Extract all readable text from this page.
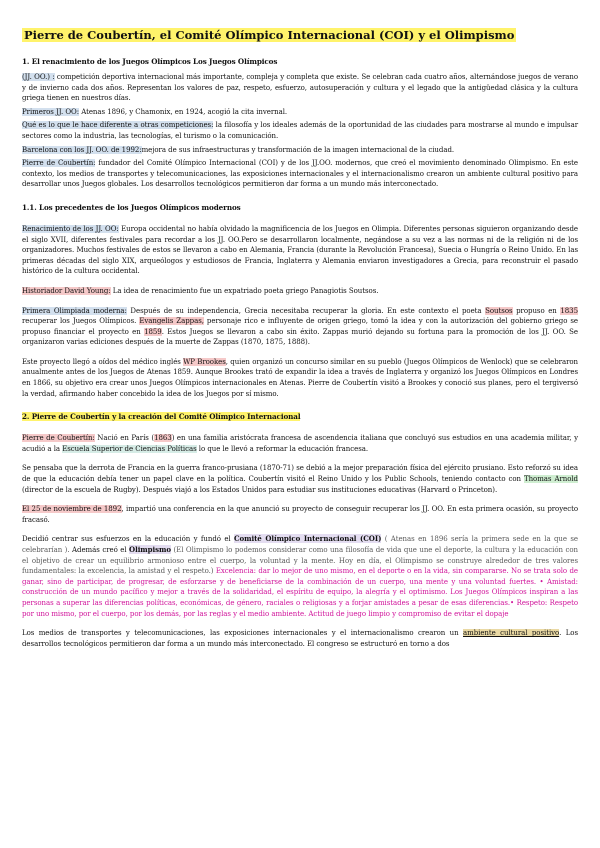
Pierre de Coubertín, el Comité Olímpico Internacional (COI) y el Olimpismo
1. El renacimiento de los Juegos Olímpicos Los Juegos Olímpicos

(JJ. OO.) : competición deportiva internacional más importante, compleja y completa que existe. Se celebran cada cuatro años, alternándose juegos de verano y de invierno cada dos años. Representan los valores de paz, respeto, esfuerzo, autosuperación y cultura y el legado que la antigüedad clásica y la cultura griega tienen en nuestros días.

Primeros JJ. OO: Atenas 1896, y Chamonix, en 1924, acogió la cita invernal.

Qué es lo que le hace diferente a otras competiciones: la filosofía y los ideales además de la oportunidad de las ciudades para mostrarse al mundo e impulsar sectores como la industria, las tecnologías, el turismo o la comunicación.

Barcelona con los JJ. OO. de 1992:mejora de sus infraestructuras y transformación de la imagen internacional de la ciudad.

Pierre de Coubertín: fundador del Comité Olímpico Internacional (COI) y de los JJ.OO. modernos, que creó el movimiento denominado Olimpismo. En este contexto, los medios de transportes y telecomunicaciones, las exposiciones internacionales y el internacionalismo crearon un ambiente cultural positivo para desarrollar unos Juegos globales. Los desarrollos tecnológicos permitieron dar forma a un mundo más interconectado.

1.1. Los precedentes de los Juegos Olímpicos modernos

Renacimiento de los JJ. OO: Europa occidental no había olvidado la magnificencia de los Juegos en Olimpia. Diferentes personas siguieron organizando desde el siglo XVII, diferentes festivales para recordar a los JJ. OO.Pero se desarrollaron localmente, negándose a su vez a las normas ni de la religión ni de los organizadores. Muchos festivales de estos se llevaron a cabo en Alemania, Francia (durante la Revolución Francesa), Suecia o Hungría o Reino Unido. En las primeras décadas del siglo XIX, arqueólogos y estudiosos de Francia, Inglaterra y Alemania enviaron investigadores a Grecia, para reconstruir el pasado histórico de la cultura occidental.

Historiador David Young: La idea de renacimiento fue un expatriado poeta griego Panagiotis Soutsos.

Primera Olimpiada moderna: Después de su independencia, Grecia necesitaba recuperar la gloria. En este contexto el poeta Soutsos propuso en 1835 recuperar los Juegos Olímpicos. Evangelis Zappas, personaje rico e influyente de origen griego, tomó la idea y con la autorización del gobierno griego se propuso financiar el proyecto en 1859. Estos Juegos se llevaron a cabo sin éxito. Zappas murió dejando su fortuna para la promoción de los JJ. OO. Se organizaron varias ediciones después de la muerte de Zappas (1870, 1875, 1888).

Este proyecto llegó a oídos del médico inglés WP Brookes, quien organizó un concurso similar en su pueblo (Juegos Olímpicos de Wenlock) que se celebraron anualmente antes de los Juegos de Atenas 1859. Aunque Brookes trató de expandir la idea a través de Inglaterra y organizó los Juegos Olímpicos en Londres en 1866, su objetivo era crear unos Juegos Olímpicos internacionales en Atenas. Pierre de Coubertín visitó a Brookes y conoció sus planes, pero el tergiversó la verdad, afirmando haber concebido la idea de los Juegos por sí mismo.

2. Pierre de Coubertín y la creación del Comité Olímpico Internacional

Pierre de Coubertín: Nació en París (1863) en una familia aristócrata francesa de ascendencia italiana que concluyó sus estudios en una academia militar, y acudió a la Escuela Superior de Ciencias Políticas lo que le llevó a reformar la educación francesa.

Se pensaba que la derrota de Francia en la guerra franco-prusiana (1870-71) se debió a la mejor preparación física del ejército prusiano. Esto reforzó su idea de que la educación debía tener un papel clave en la política. Coubertín visitó el Reino Unido y los Public Schools, teniendo contacto con Thomas Arnold (director de la escuela de Rugby). Después viajó a los Estados Unidos para estudiar sus instituciones educativas (Harvard o Princeton).

El 25 de noviembre de 1892, impartió una conferencia en la que anunció su proyecto de conseguir recuperar los JJ. OO. En esta primera ocasión, su proyecto fracasó.

Decidió centrar sus esfuerzos en la educación y fundó el Comité Olímpico Internacional (COI) ( Atenas en 1896 sería la primera sede en la que se celebrarían ). Además creó el Olimpismo (El Olimpismo lo podemos considerar como una filosofía de vida que une el deporte, la cultura y la educación con el objetivo de crear un equilibrio armonioso entre el cuerpo, la voluntad y la mente. Hoy en día, el Olimpismo se construye alrededor de tres valores fundamentales: la excelencia, la amistad y el respeto.) Excelencia: dar lo mejor de uno mismo, en el deporte o en la vida, sin compararse. No se trata solo de ganar, sino de participar, de progresar, de esforzarse y de beneficiarse de la combinación de un cuerpo, una mente y una voluntad fuertes. • Amistad: construcción de un mundo pacífico y mejor a través de la solidaridad, el espíritu de equipo, la alegría y el optimismo. Los Juegos Olímpicos inspiran a las personas a superar las diferencias políticas, económicas, de género, raciales o religiosas y a forjar amistades a pesar de esas diferencias.• Respeto: Respeto por uno mismo, por el cuerpo, por los demás, por las reglas y el medio ambiente. Actitud de juego limpio y compromiso de evitar el dopaje

Los medios de transportes y telecomunicaciones, las exposiciones internacionales y el internacionalismo crearon un ambiente cultural positivo. Los desarrollos tecnológicos permitieron dar forma a un mundo más interconectado. El congreso se estructuró en torno a dos
